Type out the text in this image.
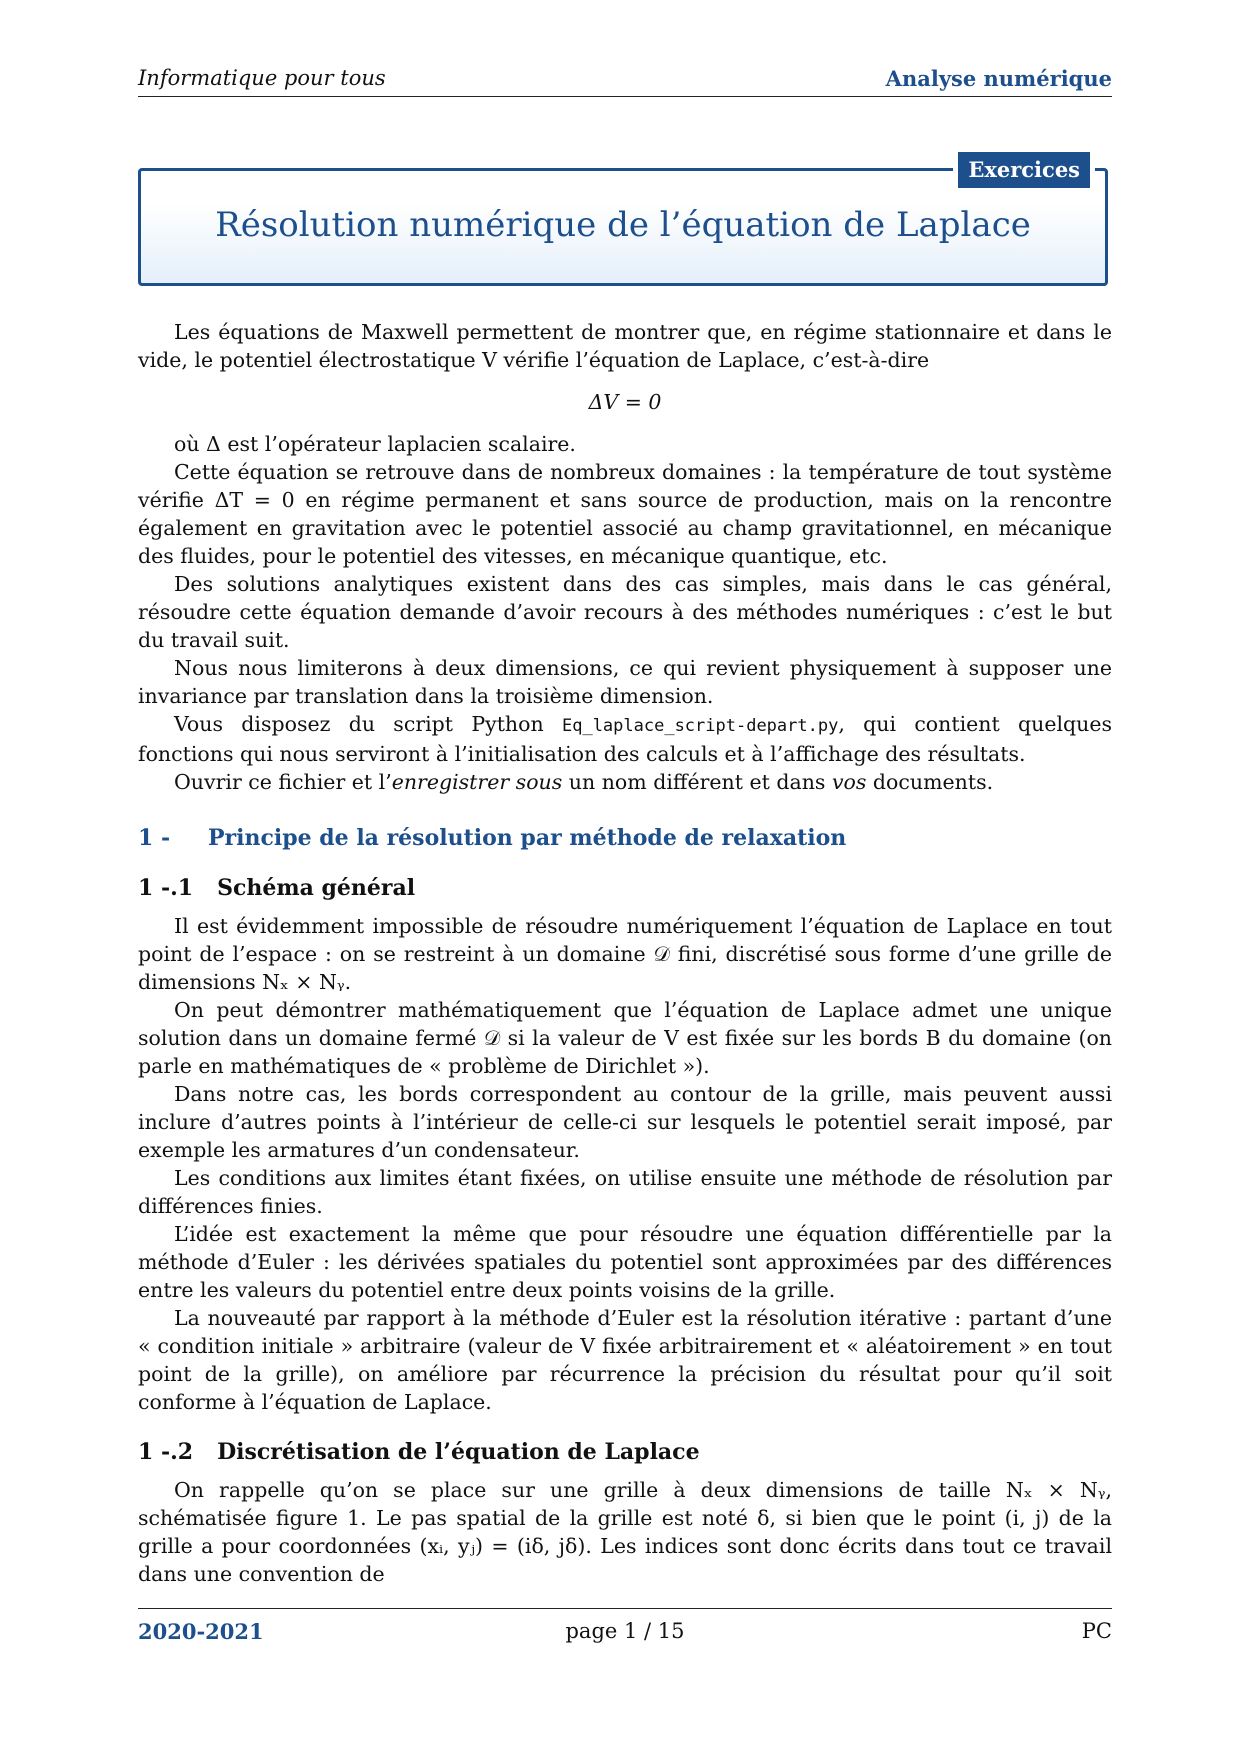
Informatique pour tous	Analyse numérique
Exercices
Résolution numérique de l’équation de Laplace

Les équations de Maxwell permettent de montrer que, en régime stationnaire et dans le vide, le potentiel électrostatique V vérifie l’équation de Laplace, c’est-à-dire

ΔV = 0

où Δ est l’opérateur laplacien scalaire.

Cette équation se retrouve dans de nombreux domaines : la température de tout système vérifie ΔT = 0 en régime permanent et sans source de production, mais on la rencontre également en gravitation avec le potentiel associé au champ gravitationnel, en mécanique des fluides, pour le potentiel des vitesses, en mécanique quantique, etc.

Des solutions analytiques existent dans des cas simples, mais dans le cas général, résoudre cette équation demande d’avoir recours à des méthodes numériques : c’est le but du travail suit.

Nous nous limiterons à deux dimensions, ce qui revient physiquement à supposer une invariance par translation dans la troisième dimension.

Vous disposez du script Python Eq_laplace_script-depart.py, qui contient quelques fonctions qui nous serviront à l’initialisation des calculs et à l’affichage des résultats.

Ouvrir ce fichier et l’enregistrer sous un nom différent et dans vos documents.

1 -	Principe de la résolution par méthode de relaxation
1 -.1 Schéma général

Il est évidemment impossible de résoudre numériquement l’équation de Laplace en tout point de l’espace : on se restreint à un domaine 𝒟 fini, discrétisé sous forme d’une grille de dimensions Nₓ × Nᵧ.

On peut démontrer mathématiquement que l’équation de Laplace admet une unique solution dans un domaine fermé 𝒟 si la valeur de V est fixée sur les bords B du domaine (on parle en mathématiques de « problème de Dirichlet »).

Dans notre cas, les bords correspondent au contour de la grille, mais peuvent aussi inclure d’autres points à l’intérieur de celle-ci sur lesquels le potentiel serait imposé, par exemple les armatures d’un condensateur.

Les conditions aux limites étant fixées, on utilise ensuite une méthode de résolution par différences finies.

L’idée est exactement la même que pour résoudre une équation différentielle par la méthode d’Euler : les dérivées spatiales du potentiel sont approximées par des différences entre les valeurs du potentiel entre deux points voisins de la grille.

La nouveauté par rapport à la méthode d’Euler est la résolution itérative : partant d’une « condition initiale » arbitraire (valeur de V fixée arbitrairement et « aléatoirement » en tout point de la grille), on améliore par récurrence la précision du résultat pour qu’il soit conforme à l’équation de Laplace.

1 -.2 Discrétisation de l’équation de Laplace

On rappelle qu’on se place sur une grille à deux dimensions de taille Nₓ × Nᵧ, schématisée figure 1. Le pas spatial de la grille est noté δ, si bien que le point (i, j) de la grille a pour coordonnées (xᵢ, yⱼ) = (iδ, jδ). Les indices sont donc écrits dans tout ce travail dans une convention de

2020-2021	page 1 / 15	PC
